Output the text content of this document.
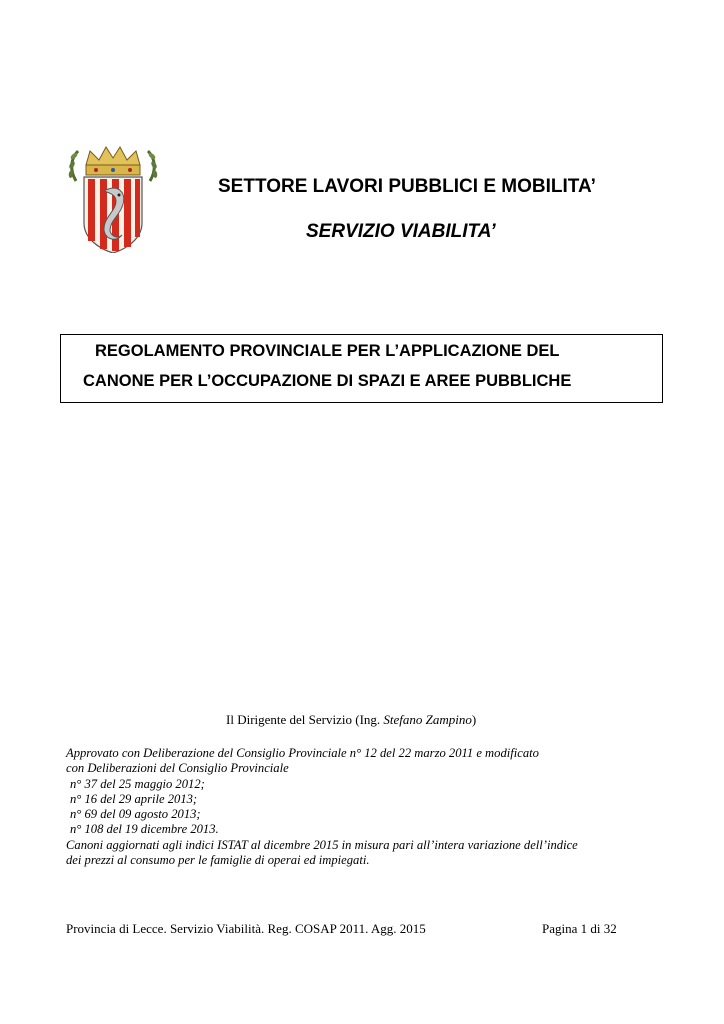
SETTORE LAVORI PUBBLICI E MOBILITA’
SERVIZIO VIABILITA’
REGOLAMENTO PROVINCIALE PER L’APPLICAZIONE DEL
CANONE PER L’OCCUPAZIONE DI SPAZI E AREE PUBBLICHE
Il Dirigente del Servizio (Ing. Stefano Zampino)
Approvato con Deliberazione del Consiglio Provinciale n° 12 del 22 marzo 2011 e modificato
con Deliberazioni del Consiglio Provinciale
n° 37 del 25 maggio 2012;
n° 16 del 29 aprile 2013;
n° 69 del 09 agosto 2013;
n° 108 del 19 dicembre 2013.
Canoni aggiornati agli indici ISTAT al dicembre 2015 in misura pari all’intera variazione dell’indice
dei prezzi al consumo per le famiglie di operai ed impiegati.
Provincia di Lecce. Servizio Viabilità. Reg. COSAP 2011. Agg. 2015	Pagina 1 di 32
